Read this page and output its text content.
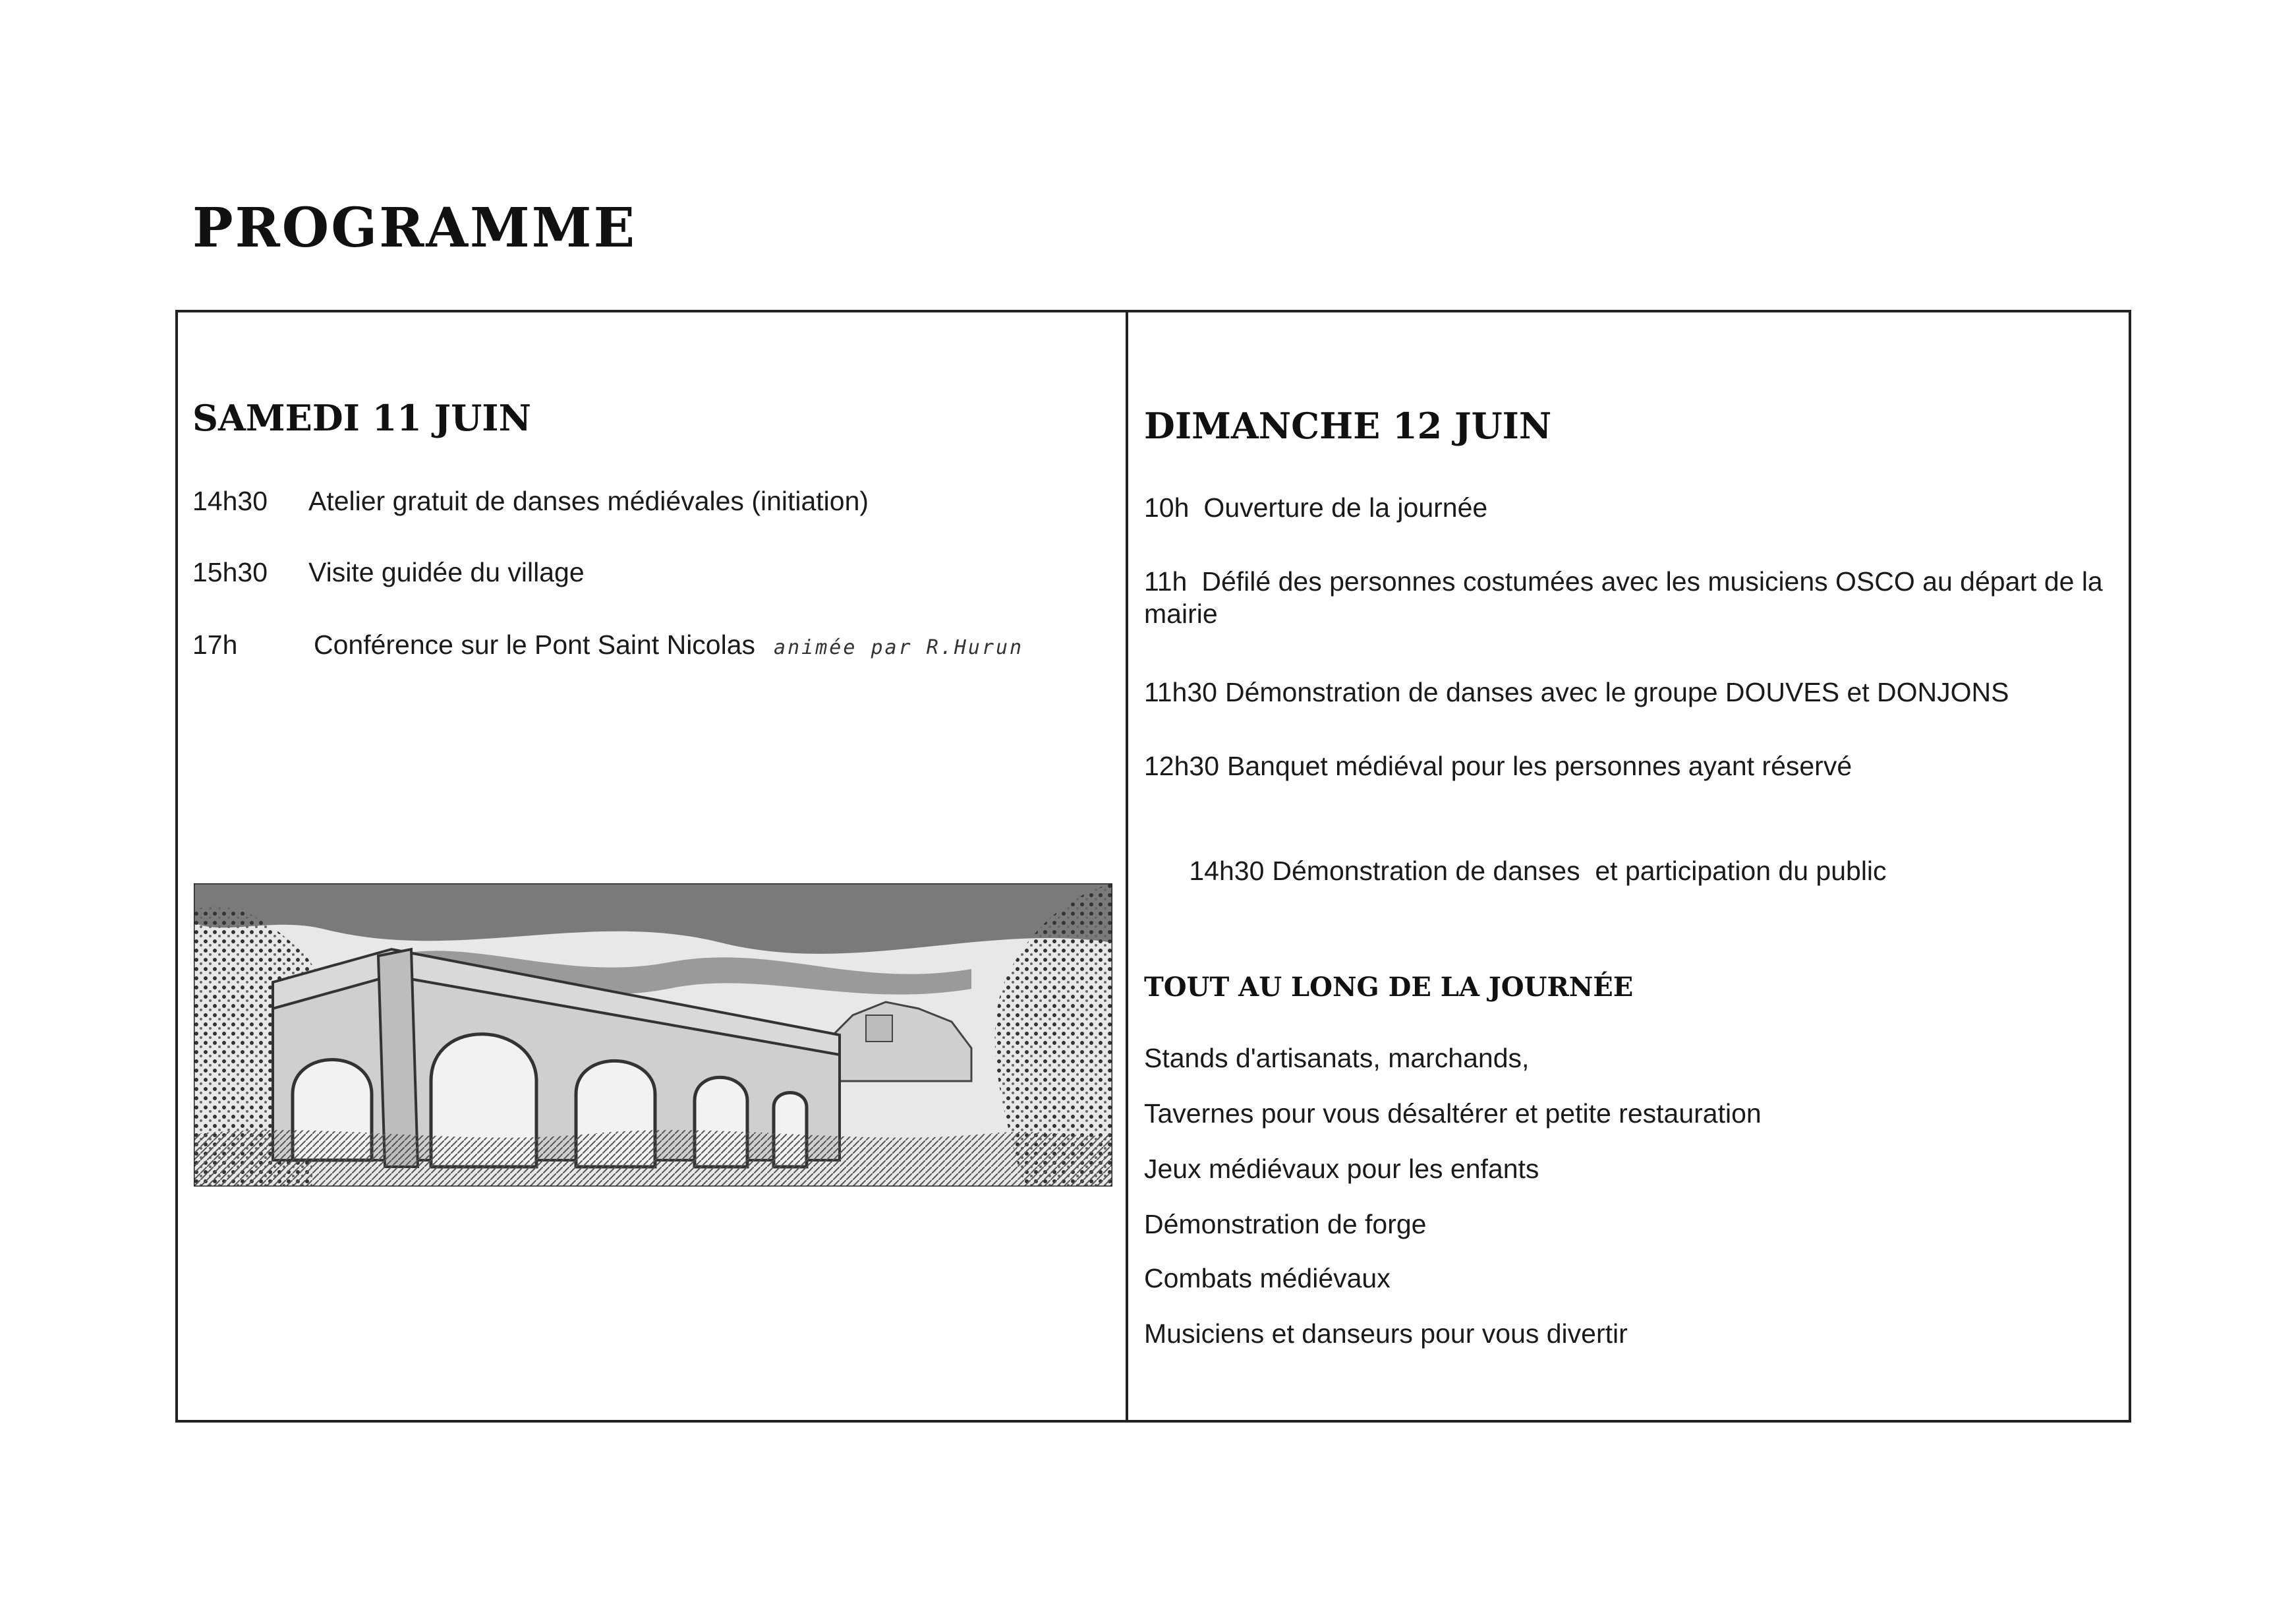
PROGRAMME
SAMEDI 11 JUIN
14h30 Atelier gratuit de danses médiévales (initiation)
15h30 Visite guidée du village
17h	Conférence sur le Pont Saint Nicolas animée par R.Hurun
DIMANCHE 12 JUIN
10h Ouverture de la journée
11h Défilé des personnes costumées avec les musiciens OSCO au départ de la mairie
11h30 Démonstration de danses avec le groupe DOUVES et DONJONS
12h30 Banquet médiéval pour les personnes ayant réservé

14h30 Démonstration de danses  et participation du public

TOUT AU LONG DE LA JOURNÉE
Stands d'artisanats, marchands,
Tavernes pour vous désaltérer et petite restauration
Jeux médiévaux pour les enfants
Démonstration de forge
Combats médiévaux
Musiciens et danseurs pour vous divertir
